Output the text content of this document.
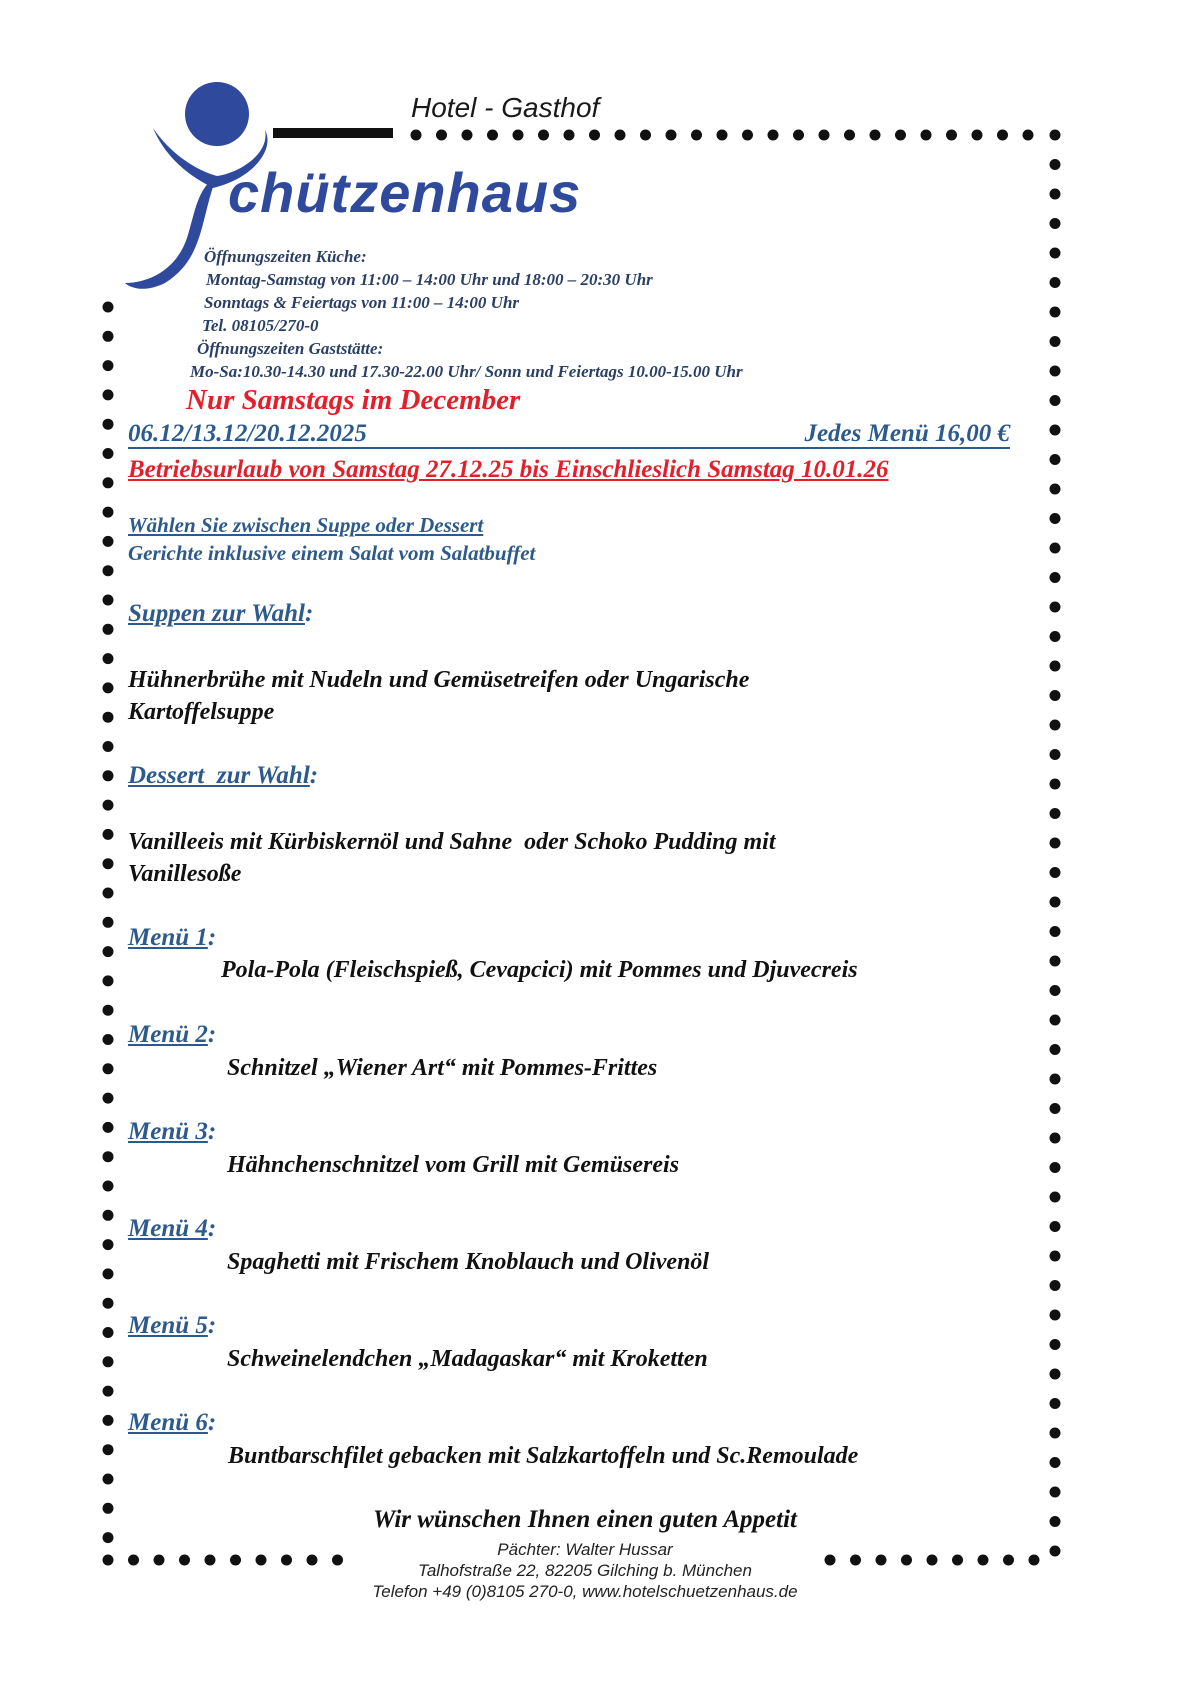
Hotel - Gasthof
chützenhaus
Öffnungszeiten Küche:
Montag-Samstag von 11:00 – 14:00 Uhr und 18:00 – 20:30 Uhr
Sonntags & Feiertags von 11:00 – 14:00 Uhr
Tel. 08105/270-0
Öffnungszeiten Gaststätte:
Mo-Sa:10.30-14.30 und 17.30-22.00 Uhr/ Sonn und Feiertags 10.00-15.00 Uhr
Nur Samstags im December
06.12/13.12/20.12.2025	Jedes Menü 16,00 €
Betriebsurlaub von Samstag 27.12.25 bis Einschlieslich Samstag 10.01.26
Wählen Sie zwischen Suppe oder Dessert
Gerichte inklusive einem Salat vom Salatbuffet
Suppen zur Wahl:
Hühnerbrühe mit Nudeln und Gemüsetreifen oder Ungarische
Kartoffelsuppe
Dessert  zur Wahl:
Vanilleeis mit Kürbiskernöl und Sahne  oder Schoko Pudding mit
Vanillesoße
Menü 1:
Pola-Pola (Fleischspieß, Cevapcici) mit Pommes und Djuvecreis
Menü 2:
Schnitzel „Wiener Art“ mit Pommes-Frittes
Menü 3:
Hähnchenschnitzel vom Grill mit Gemüsereis
Menü 4:
Spaghetti mit Frischem Knoblauch und Olivenöl
Menü 5:
Schweinelendchen „Madagaskar“ mit Kroketten
Menü 6:
Buntbarschfilet gebacken mit Salzkartoffeln und Sc.Remoulade
Wir wünschen Ihnen einen guten Appetit
Pächter: Walter Hussar
Talhofstraße 22, 82205 Gilching b. München
Telefon +49 (0)8105 270-0, www.hotelschuetzenhaus.de
